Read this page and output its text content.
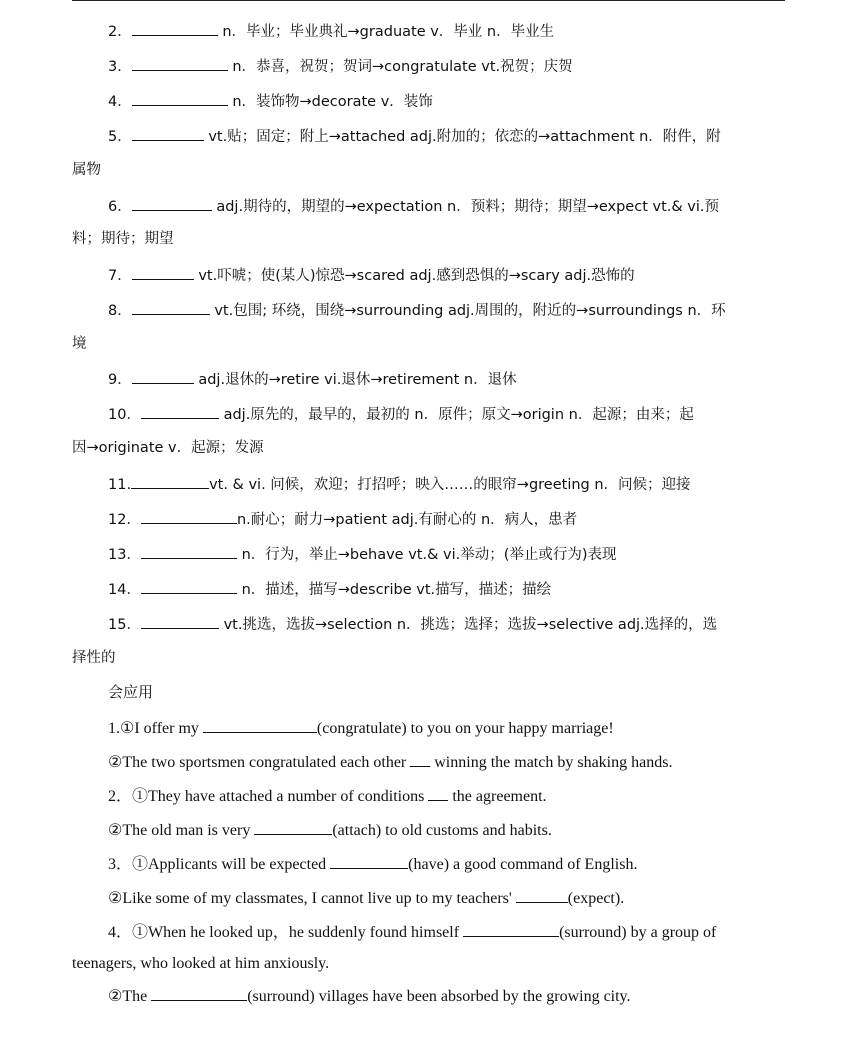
2．	n．毕业；毕业典礼→graduate v．毕业 n．毕业生
3．	n．恭喜，祝贺；贺词→congratulate vt.祝贺；庆贺
4．	n．装饰物→decorate v．装饰
5．	vt.贴；固定；附上→attached adj.附加的；依恋的→attachment n．附件，附
属物
6．	adj.期待的，期望的→expectation n．预料；期待；期望→expect vt.& vi.预
料；期待；期望
7．	vt.吓唬；使(某人)惊恐→scared adj.感到恐惧的→scary adj.恐怖的
8．	vt.包围; 环绕，围绕→surrounding adj.周围的，附近的→surroundings n．环
境
9．	adj.退休的→retire vi.退休→retirement n．退休
10．	adj.原先的，最早的，最初的 n．原件；原文→origin n．起源；由来；起
因→originate v．起源；发源
11.	vt. & vi. 问候，欢迎；打招呼；映入……的眼帘→greeting n．问候；迎接
12．	n.耐心；耐力→patient adj.有耐心的 n．病人，患者
13．	n．行为，举止→behave vt.& vi.举动；(举止或行为)表现
14．	n．描述，描写→describe vt.描写，描述；描绘
15．	vt.挑选，选拔→selection n．挑选；选择；选拔→selective adj.选择的，选
择性的
会应用
1.①I offer my	(congratulate) to you on your happy marriage!
②The two sportsmen congratulated each other  winning the match by shaking hands.
2．①They have attached a number of conditions  the agreement.
②The old man is very	(attach) to old customs and habits.
3．①Applicants will be expected	(have) a good command of English.
②Like some of my classmates, I cannot live up to my teachers'	(expect).
4．①When he looked up，he suddenly found himself	(surround) by a group of
teenagers, who looked at him anxiously.
②The	(surround) villages have been absorbed by the growing city.
